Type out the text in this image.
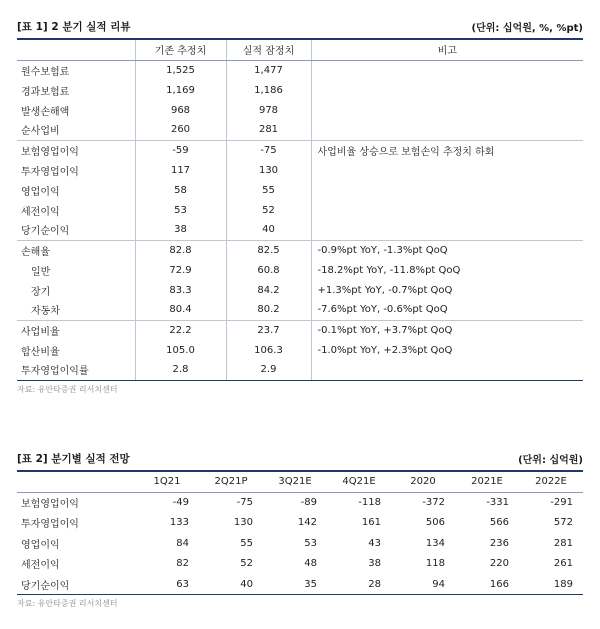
[표 1] 2 분기 실적 리뷰	(단위: 십억원, %, %pt)
	기존 추정치	실적 잠정치	비고
원수보험료	1,525	1,477	
경과보험료	1,169	1,186	
발생손해액	968	978	
순사업비	260	281	
보험영업이익	-59	-75	사업비율 상승으로 보험손익 추정치 하회
투자영업이익	117	130	
영업이익	58	55	
세전이익	53	52	
당기순이익	38	40	
손해율	82.8	82.5	-0.9%pt YoY, -1.3%pt QoQ
일반	72.9	60.8	-18.2%pt YoY, -11.8%pt QoQ
장기	83.3	84.2	+1.3%pt YoY, -0.7%pt QoQ
자동차	80.4	80.2	-7.6%pt YoY, -0.6%pt QoQ
사업비율	22.2	23.7	-0.1%pt YoY, +3.7%pt QoQ
합산비율	105.0	106.3	-1.0%pt YoY, +2.3%pt QoQ
투자영업이익률	2.8	2.9	
자료: 유안타증권 리서치센터
[표 2] 분기별 실적 전망	(단위: 십억원)
	1Q21	2Q21P	3Q21E	4Q21E	2020	2021E	2022E
보험영업이익	-49	-75	-89	-118	-372	-331	-291
투자영업이익	133	130	142	161	506	566	572
영업이익	84	55	53	43	134	236	281
세전이익	82	52	48	38	118	220	261
당기순이익	63	40	35	28	94	166	189
자료: 유안타증권 리서치센터
